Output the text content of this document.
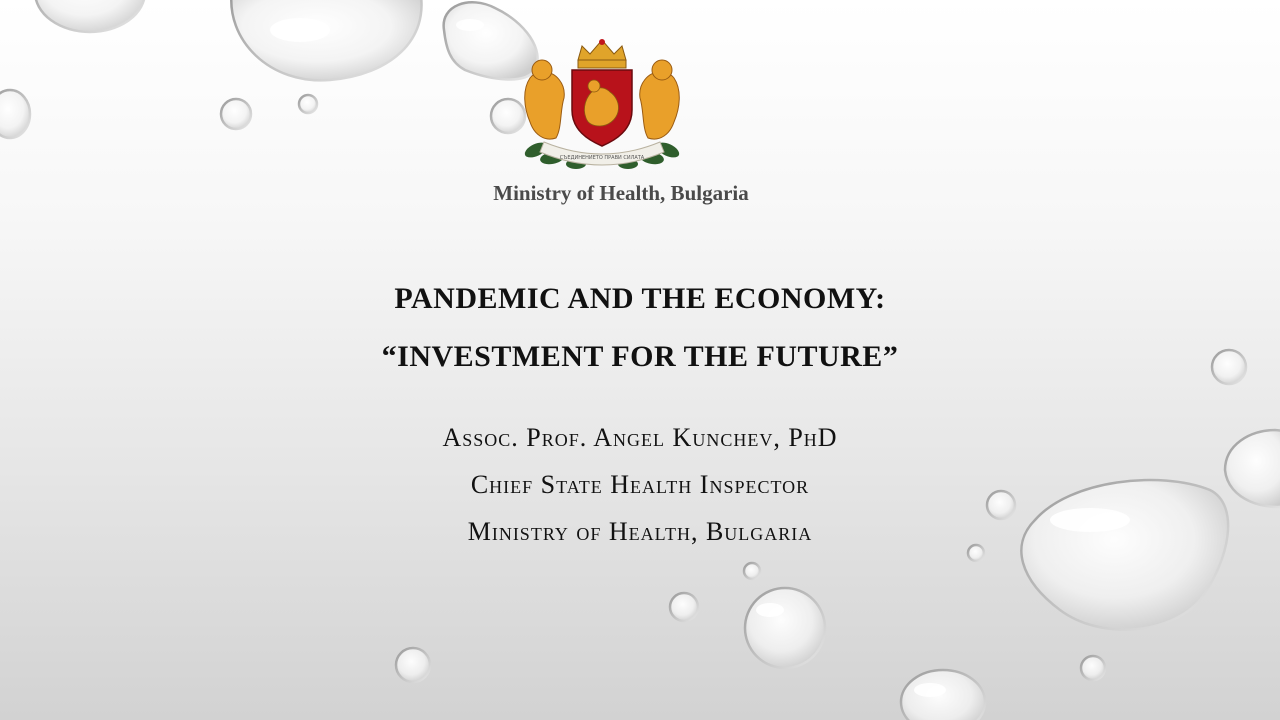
СЪЕДИНЕНИЕТО ПРАВИ СИЛАТА
Ministry of Health, Bulgaria
PANDEMIC AND THE ECONOMY:
“INVESTMENT FOR THE FUTURE”
Assoc. Prof. Angel Kunchev, PhD
Chief State Health Inspector
Ministry of Health, Bulgaria
